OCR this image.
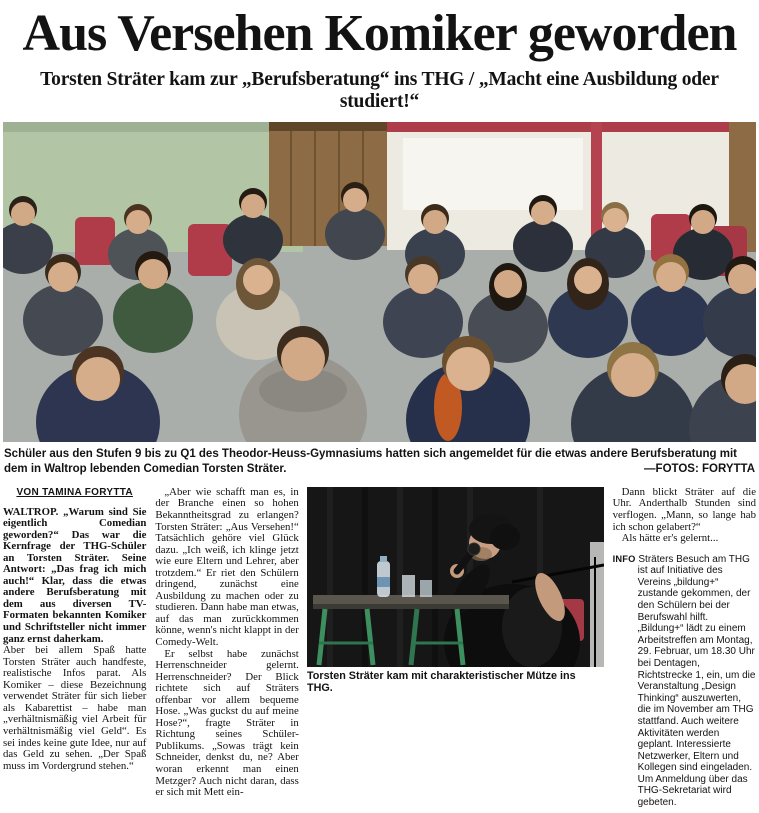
Aus Versehen Komiker geworden
Torsten Sträter kam zur „Berufsberatung“ ins THG / „Macht eine Ausbildung oder studiert!“
Schüler aus den Stufen 9 bis zu Q1 des Theodor-Heuss-Gymnasiums hatten sich angemeldet für die etwas andere Berufsberatung mit dem in Waltrop lebenden Comedian Torsten Sträter.	—FOTOS: FORYTTA
VON TAMINA FORYTTA

WALTROP. „Warum sind Sie eigentlich Comedian geworden?“ Das war die Kernfrage der THG-Schüler an Torsten Sträter. Seine Antwort: „Das frag ich mich auch!“ Klar, dass die etwas andere Berufsberatung mit dem aus diversen TV-Formaten bekannten Komiker und Schriftsteller nicht immer ganz ernst daherkam.

Aber bei allem Spaß hatte Torsten Sträter auch handfeste, realistische Infos parat. Als Komiker – diese Bezeichnung verwendet Sträter für sich lieber als Kabarettist – habe man „verhältnismäßig viel Arbeit für verhältnismäßig viel Geld“. Es sei indes keine gute Idee, nur auf das Geld zu sehen. „Der Spaß muss im Vordergrund stehen.“

„Aber wie schafft man es, in der Branche einen so hohen Bekanntheitsgrad zu erlangen? Torsten Sträter: „Aus Versehen!“ Tatsächlich gehöre viel Glück dazu. „Ich weiß, ich klinge jetzt wie eure Eltern und Lehrer, aber trotzdem.“ Er riet den Schülern dringend, zunächst eine Ausbildung zu machen oder zu studieren. Dann habe man etwas, auf das man zurückkommen könne, wenn's nicht klappt in der Comedy-Welt.

Er selbst habe zunächst Herrenschneider gelernt. Herrenschneider? Der Blick richtete sich auf Sträters offenbar vor allem bequeme Hose. „Was guckst du auf meine Hose?“, fragte Sträter in Richtung seines Schüler-Publikums. „Sowas trägt kein Schneider, denkst du, ne? Aber woran erkennt man einen Metzger? Auch nicht daran, dass er sich mit Mett ein-

Dann blickt Sträter auf die Uhr. Anderthalb Stunden sind verflogen. „Mann, so lange hab ich schon gelabert?“

Als hätte er's gelernt...

INFO Sträters Besuch am THG ist auf Initiative des Vereins „bildung+“ zustande gekommen, der den Schülern bei der Berufswahl hilft. „Bildung+“ lädt zu einem Arbeitstreffen am Montag, 29. Februar, um 18.30 Uhr bei Dentagen, Richtstrecke 1, ein, um die Veranstaltung „Design Thinking“ auszuwerten, die im November am THG stattfand. Auch weitere Aktivitäten werden geplant. Interessierte Netzwerker, Eltern und Kollegen sind eingeladen. Um Anmeldung über das THG-Sekretariat wird gebeten.
Torsten Sträter kam mit charakteristischer Mütze ins THG.
